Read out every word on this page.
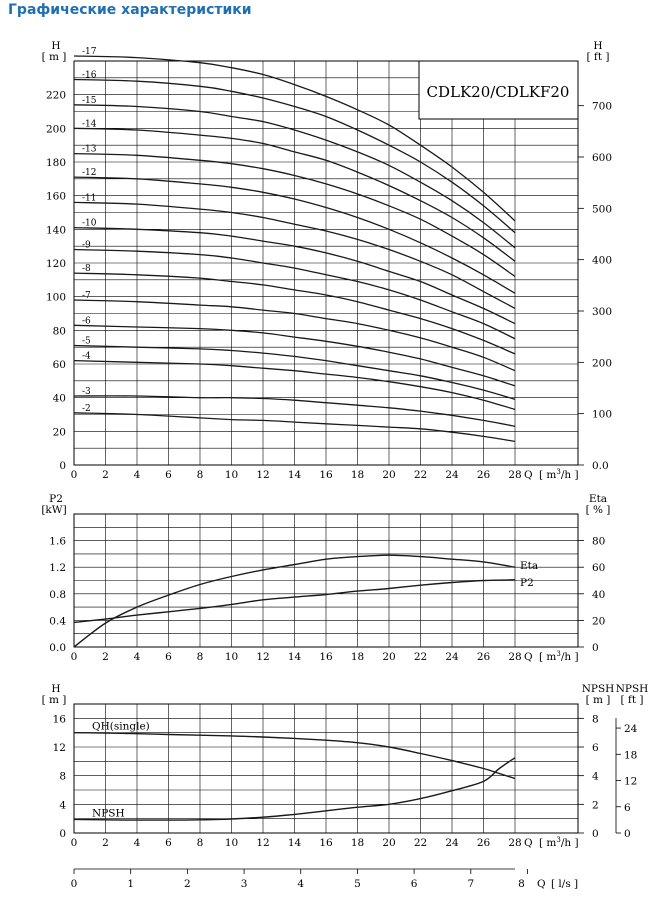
Графические характеристики
0 2 4 6 8 10 12 14 16 18 20 22 24 26 28 Q [ $m^3/h$ ]
0
20
40
60
80
100
120
140
160
180
200
220
H
[ m ]
0.0
100
200
300
400
500
600
700
H
[ ft ]
-2
-3
-4
-5
-6
-7
-8
-9
-10
-11
-12
-13
-14
-15
-16
-17
CDLK20/CDLKF20
0 2 4 6 8 10 12 14 16 18 20 22 24 26 28 Q [ $m^3/h$ ]
0.0
0.4
0.8
1.2
1.6
P2
[kW]
0
20
40
60
80
Eta
[ % ]
Eta
P2
0 2 4 6 8 10 12 14 16 18 20 22 24 26 28 Q [ $m^3/h$ ]
0
4
8
12
16
H
[ m ]
0
2
4
6
8
NPSH
[ m ]
0
6
12
18
24
NPSH
[ ft ]
QH(single)
NPSH
0	1	2	3	4	5	6	7	8 Q [ l/s ]
